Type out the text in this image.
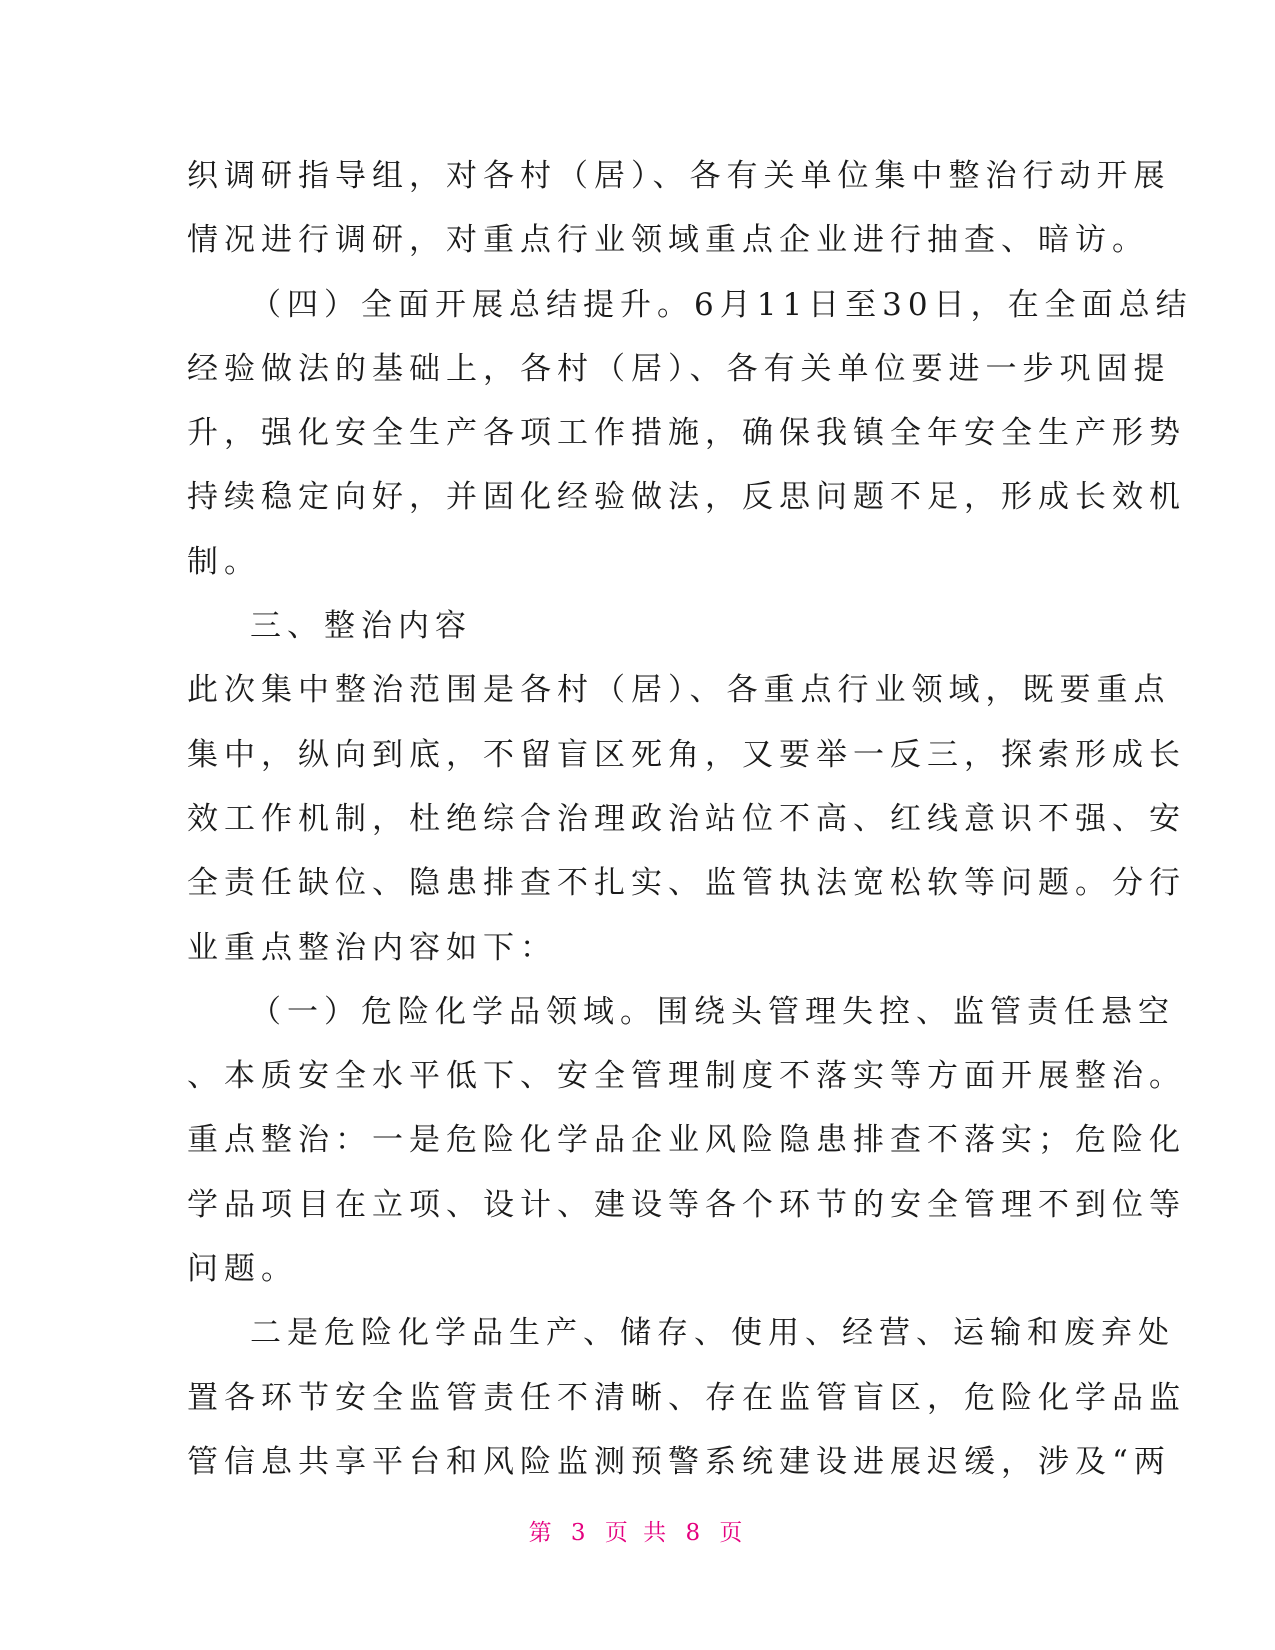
织调研指导组，对各村（居）、各有关单位集中整治行动开展
情况进行调研，对重点行业领域重点企业进行抽查、暗访。
（四）全面开展总结提升。6月11日至30日，在全面总结
经验做法的基础上，各村（居）、各有关单位要进一步巩固提
升，强化安全生产各项工作措施，确保我镇全年安全生产形势
持续稳定向好，并固化经验做法，反思问题不足，形成长效机
制。
三、整治内容
此次集中整治范围是各村（居）、各重点行业领域，既要重点
集中，纵向到底，不留盲区死角，又要举一反三，探索形成长
效工作机制，杜绝综合治理政治站位不高、红线意识不强、安
全责任缺位、隐患排查不扎实、监管执法宽松软等问题。分行
业重点整治内容如下：
（一）危险化学品领域。围绕头管理失控、监管责任悬空
、本质安全水平低下、安全管理制度不落实等方面开展整治。
重点整治：一是危险化学品企业风险隐患排查不落实；危险化
学品项目在立项、设计、建设等各个环节的安全管理不到位等
问题。
二是危险化学品生产、储存、使用、经营、运输和废弃处
置各环节安全监管责任不清晰、存在监管盲区，危险化学品监
管信息共享平台和风险监测预警系统建设进展迟缓，涉及“两
第 3 页 共 8 页
